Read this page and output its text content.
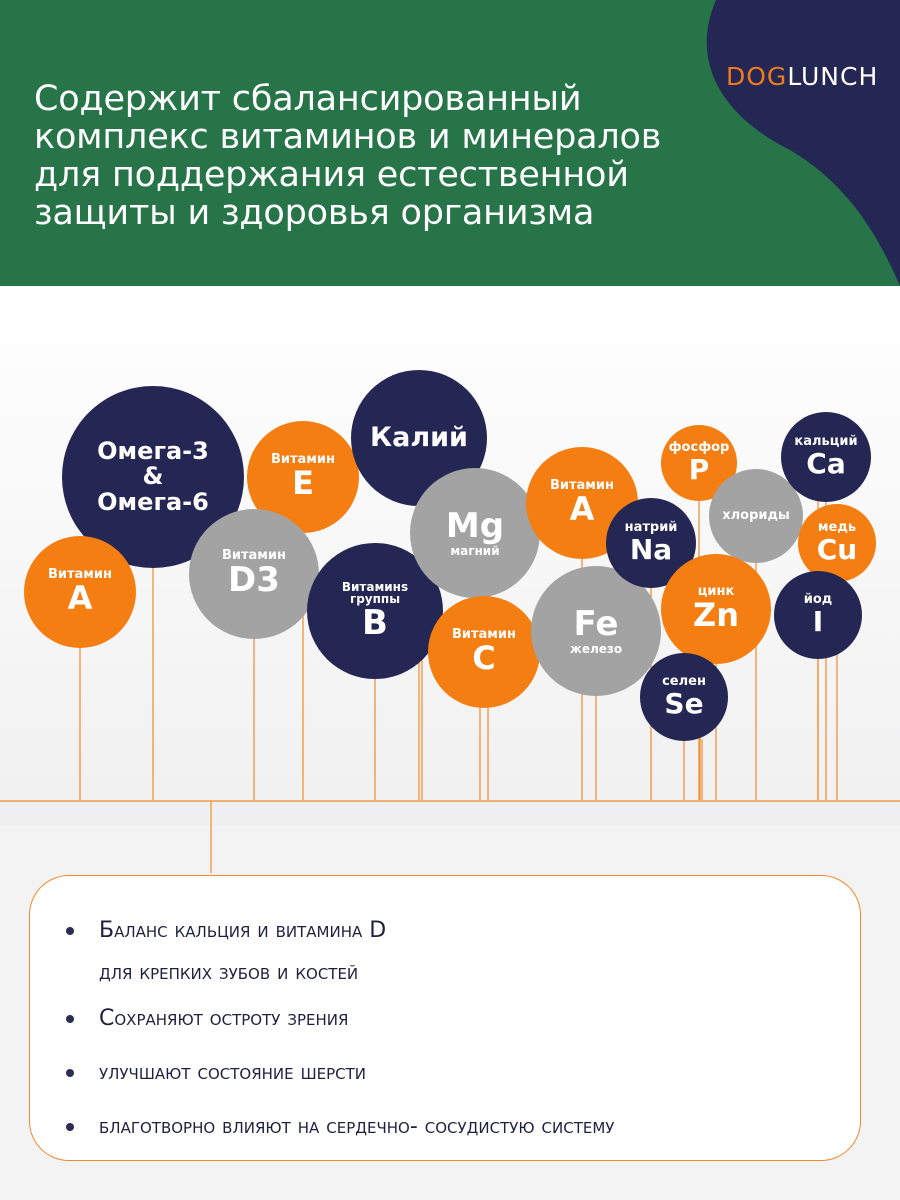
Содержит сбалансированный
комплекс витаминов и минералов
для поддержания естественной
защиты и здоровья организма
DOGLUNCH
Омега-3
&
Омега-6
Витамин
A
Витамин
E
Витамин
D3
Калий
Витаминs группы
B
магний
Mg
Витамин
C
Витамин
A
железо
Fe
натрий
Na
фосфор
P
хлориды
цинк
Zn
селен
Se
кальций
Ca
медь
Cu
йод
I
Баланс кальция и витамина D
для крепких зубов и костей
Сохраняют остроту зрения
улучшают состояние шерсти
благотворно влияют на сердечно- сосудистую систему
